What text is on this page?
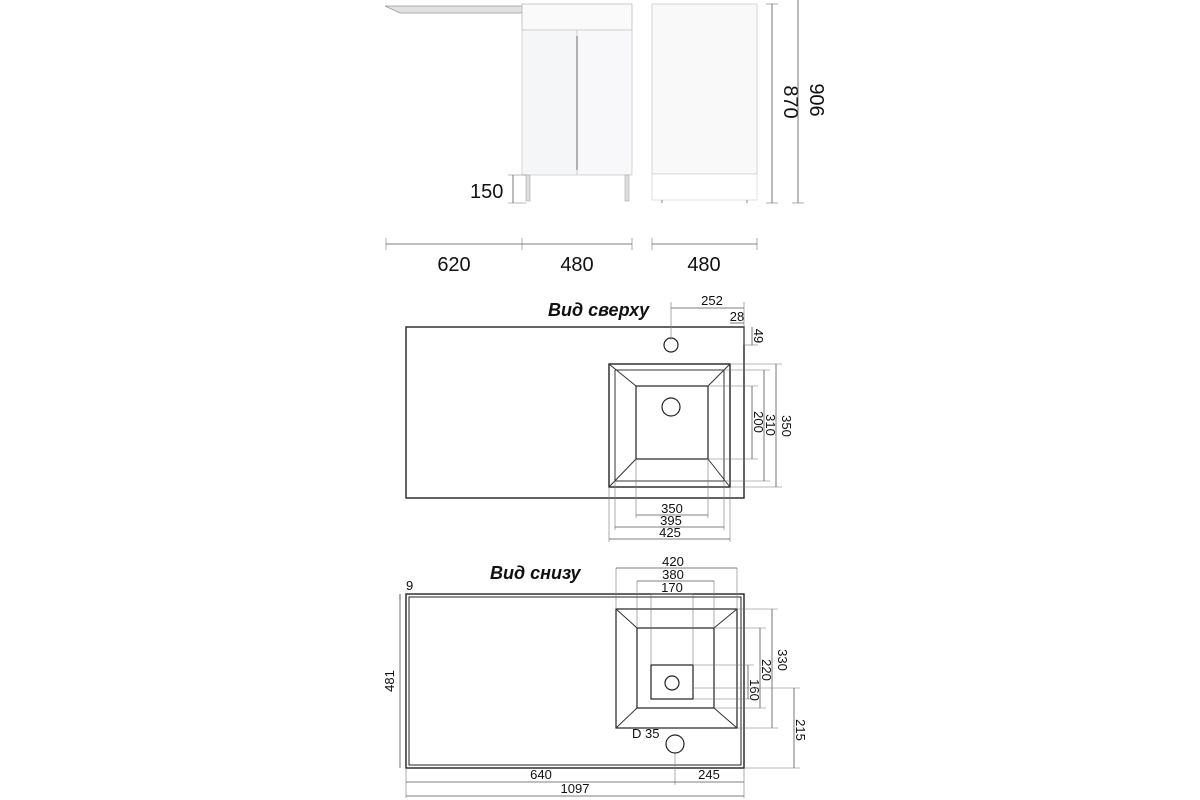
150
870 906
620	480	480
Вид сверху	252
28
49
200
310 350
350
395
425
Вид снизу
9
481
D 35
420
380
170
330
220
160
215
640	245
1097
